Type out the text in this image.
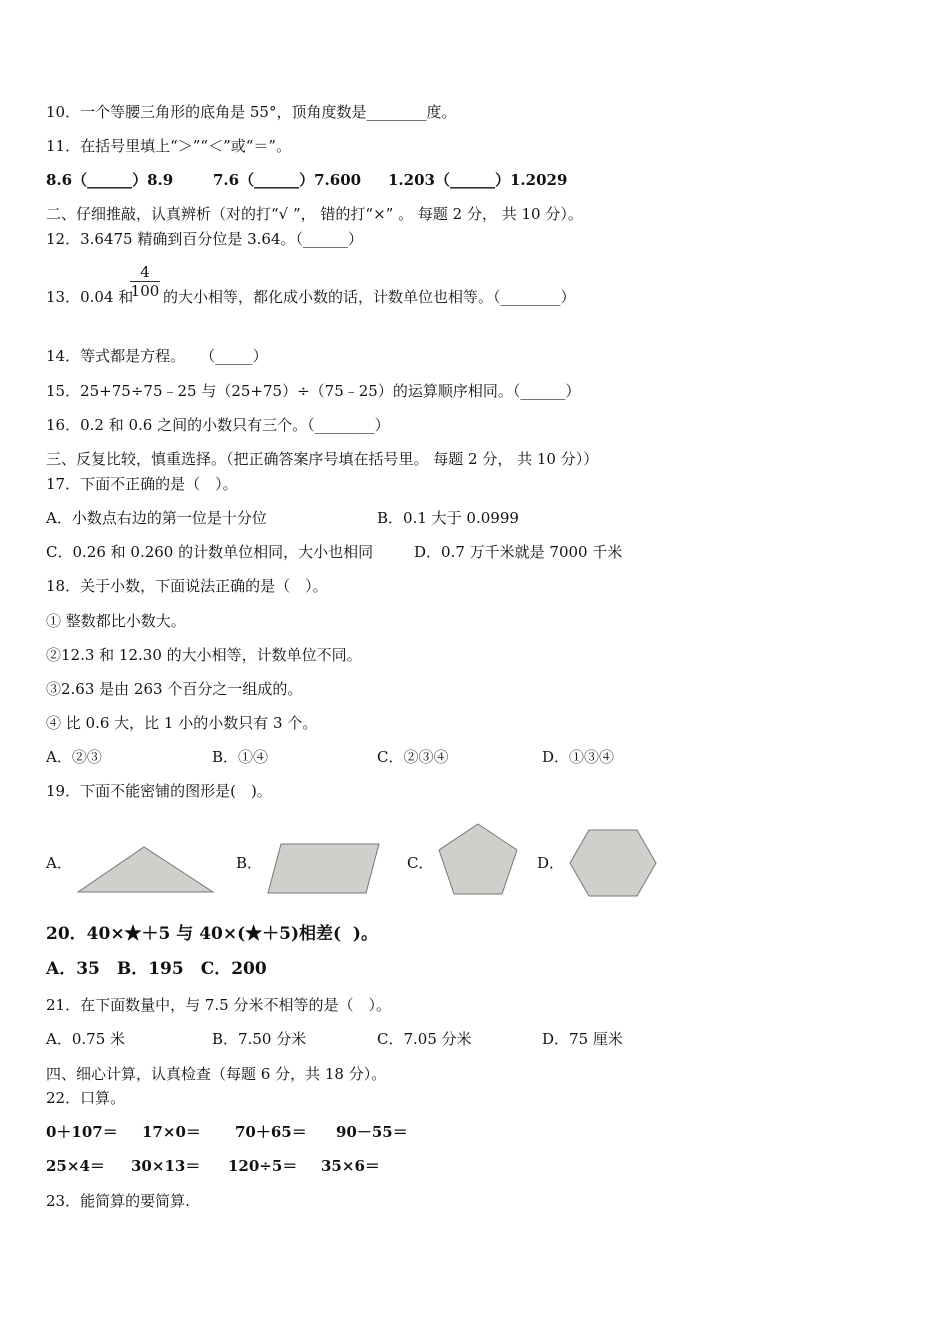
10．一个等腰三角形的底角是 55°，顶角度数是________度。
11．在括号里填上“＞”“＜”或“＝”。
8.6（______）8.9	7.6（______）7.600 1.203（______）1.2029
二、仔细推敲，认真辨析（对的打“√ ”， 错的打“×” 。 每题 2 分， 共 10 分）。
12．3.6475 精确到百分位是 3.64。（______）
13．0.04 和
4
100 的大小相等，都化成小数的话，计数单位也相等。（________）
14．等式都是方程。　　（_____）
15．25+75÷75﹣25 与（25+75）÷（75﹣25）的运算顺序相同。（______）
16．0.2 和 0.6 之间的小数只有三个。（________）
三、反复比较，慎重选择。（把正确答案序号填在括号里。 每题 2 分， 共 10 分））
17．下面不正确的是（　）。
A．小数点右边的第一位是十分位	B．0.1 大于 0.0999
C．0.26 和 0.260 的计数单位相同，大小也相同	D．0.7 万千米就是 7000 千米
18．关于小数，下面说法正确的是（　）。
① 整数都比小数大。
②12.3 和 12.30 的大小相等，计数单位不同。
③2.63 是由 263 个百分之一组成的。
④ 比 0.6 大，比 1 小的小数只有 3 个。
A．②③	B．①④	C．②③④	D．①③④
19．下面不能密铺的图形是(　)。
A．	B．	C．	D．
20．40×★＋5 与 40×(★＋5)相差(  )。
A．35　B．195　C．200
21．在下面数量中，与 7.5 分米不相等的是（　）。
A．0.75 米	B．7.50 分米	C．7.05 分米	D．75 厘米
四、细心计算，认真检查（每题 6 分，共 18 分）。
22．口算。
0＋107＝ 17×0＝ 70＋65＝ 90－55＝
25×4＝ 30×13＝ 120÷5＝ 35×6＝
23．能简算的要简算.
